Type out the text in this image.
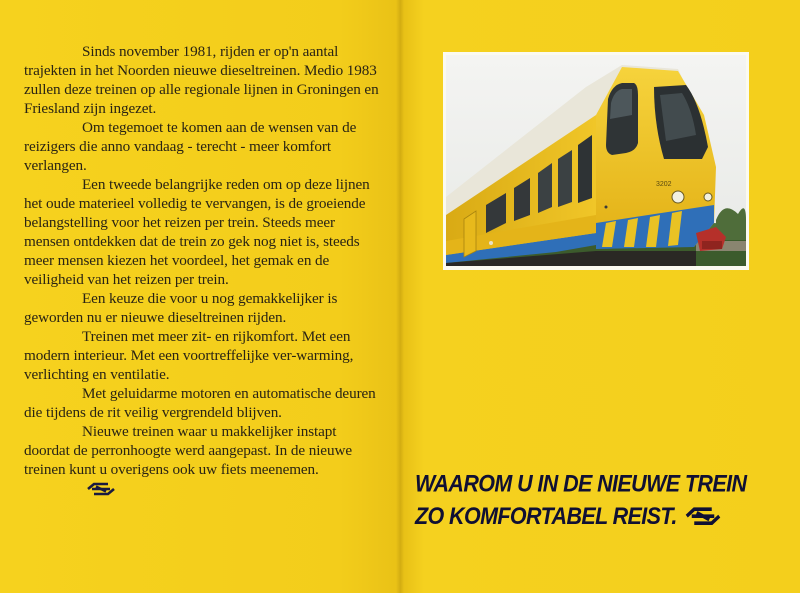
Sinds november 1981, rijden er op'n aantal trajekten in het Noorden nieuwe dieseltreinen. Medio 1983 zullen deze treinen op alle regionale lijnen in Groningen en Friesland zijn ingezet.

Om tegemoet te komen aan de wensen van de reizigers die anno vandaag - terecht - meer komfort verlangen.

Een tweede belangrijke reden om op deze lijnen het oude materieel volledig te vervangen, is de groeiende belangstelling voor het reizen per trein. Steeds meer mensen ontdekken dat de trein zo gek nog niet is, steeds meer mensen kiezen het voordeel, het gemak en de veiligheid van het reizen per trein.

Een keuze die voor u nog gemakkelijker is geworden nu er nieuwe dieseltreinen rijden.

Treinen met meer zit- en rijkomfort. Met een modern interieur. Met een voortreffelijke ver-warming, verlichting en ventilatie.

Met geluidarme motoren en automatische deuren die tijdens de rit veilig vergrendeld blijven.

Nieuwe treinen waar u makkelijker instapt doordat de perronhoogte werd aangepast. In de nieuwe treinen kunt u overigens ook uw fiets meenemen.

3202
WAAROM U IN DE NIEUWE TREIN
ZO KOMFORTABEL REIST.
